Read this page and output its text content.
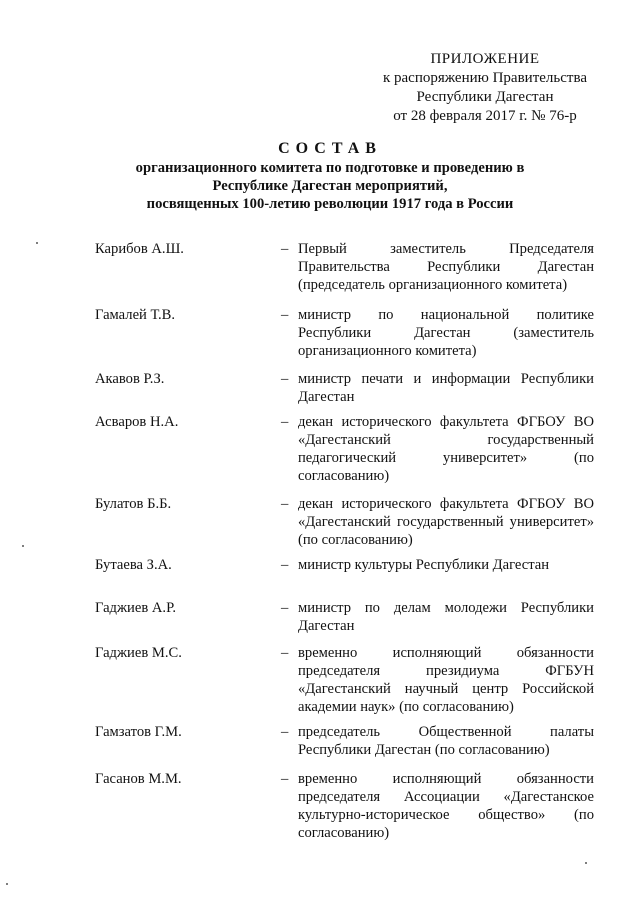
ПРИЛОЖЕНИЕ
к распоряжению Правительства
Республики Дагестан
от 28 февраля 2017 г. № 76-р
СОСТАВ
организационного комитета по подготовке и проведению в
Республике Дагестан мероприятий,
посвященных 100-летию революции 1917 года в России
Карибов А.Ш.	– Первый заместитель Председателя Правительства Республики Дагестан (председатель организационного комитета)
Гамалей Т.В.	– министр по национальной политике Республики Дагестан (заместитель организационного комитета)
Акавов Р.З.	– министр печати и информации Республики Дагестан
Асваров Н.А.	– декан исторического факультета ФГБОУ ВО «Дагестанский государственный педагогический университет» (по согласованию)
Булатов Б.Б.	– декан исторического факультета ФГБОУ ВО «Дагестанский государственный университет» (по согласованию)
Бутаева З.А.	– министр культуры Республики Дагестан
Гаджиев А.Р.	– министр по делам молодежи Республики Дагестан
Гаджиев М.С.	– временно исполняющий обязанности председателя президиума ФГБУН «Дагестанский научный центр Российской академии наук» (по согласованию)
Гамзатов Г.М.	– председатель Общественной палаты Республики Дагестан (по согласованию)
Гасанов М.М.	– временно исполняющий обязанности председателя Ассоциации «Дагестанское культурно-историческое общество» (по согласованию)
